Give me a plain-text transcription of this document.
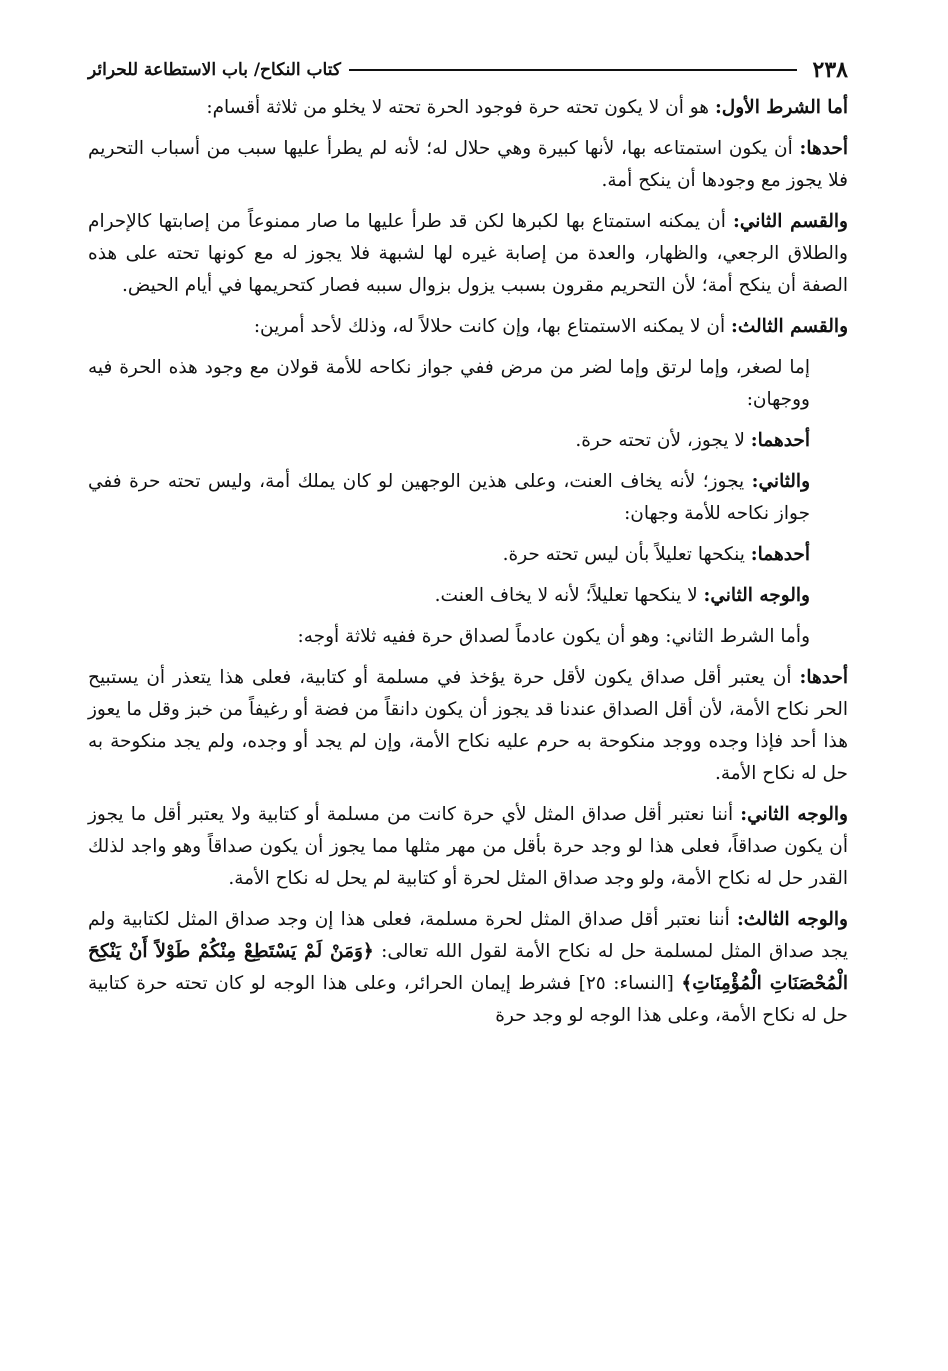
٢٣٨
كتاب النكاح/ باب الاستطاعة للحرائر

أما الشرط الأول: هو أن لا يكون تحته حرة فوجود الحرة تحته لا يخلو من ثلاثة أقسام:

أحدها: أن يكون استمتاعه بها، لأنها كبيرة وهي حلال له؛ لأنه لم يطرأ عليها سبب من أسباب التحريم فلا يجوز مع وجودها أن ينكح أمة.

والقسم الثاني: أن يمكنه استمتاع بها لكبرها لكن قد طرأ عليها ما صار ممنوعاً من إصابتها كالإحرام والطلاق الرجعي، والظهار، والعدة من إصابة غيره لها لشبهة فلا يجوز له مع كونها تحته على هذه الصفة أن ينكح أمة؛ لأن التحريم مقرون بسبب يزول بزوال سببه فصار كتحريمها في أيام الحيض.

والقسم الثالث: أن لا يمكنه الاستمتاع بها، وإن كانت حلالاً له، وذلك لأحد أمرين:

إما لصغر، وإما لرتق وإما لضر من مرض ففي جواز نكاحه للأمة قولان مع وجود هذه الحرة فيه ووجهان:

أحدهما: لا يجوز، لأن تحته حرة.

والثاني: يجوز؛ لأنه يخاف العنت، وعلى هذين الوجهين لو كان يملك أمة، وليس تحته حرة ففي جواز نكاحه للأمة وجهان:

أحدهما: ينكحها تعليلاً بأن ليس تحته حرة.

والوجه الثاني: لا ينكحها تعليلاً؛ لأنه لا يخاف العنت.

وأما الشرط الثاني: وهو أن يكون عادماً لصداق حرة ففيه ثلاثة أوجه:

أحدها: أن يعتبر أقل صداق يكون لأقل حرة يؤخذ في مسلمة أو كتابية، فعلى هذا يتعذر أن يستبيح الحر نكاح الأمة، لأن أقل الصداق عندنا قد يجوز أن يكون دانقاً من فضة أو رغيفاً من خبز وقل ما يعوز هذا أحد فإذا وجده ووجد منكوحة به حرم عليه نكاح الأمة، وإن لم يجد أو وجده، ولم يجد منكوحة به حل له نكاح الأمة.

والوجه الثاني: أننا نعتبر أقل صداق المثل لأي حرة كانت من مسلمة أو كتابية ولا يعتبر أقل ما يجوز أن يكون صداقاً، فعلى هذا لو وجد حرة بأقل من مهر مثلها مما يجوز أن يكون صداقاً وهو واجد لذلك القدر حل له نكاح الأمة، ولو وجد صداق المثل لحرة أو كتابية لم يحل له نكاح الأمة.

والوجه الثالث: أننا نعتبر أقل صداق المثل لحرة مسلمة، فعلى هذا إن وجد صداق المثل لكتابية ولم يجد صداق المثل لمسلمة حل له نكاح الأمة لقول الله تعالى: ﴿وَمَنْ لَمْ يَسْتَطِعْ مِنْكُمْ طَوْلاً أَنْ يَنْكِحَ الْمُحْصَنَاتِ الْمُؤْمِنَاتِ﴾ [النساء: ٢٥] فشرط إيمان الحرائر، وعلى هذا الوجه لو كان تحته حرة كتابية حل له نكاح الأمة، وعلى هذا الوجه لو وجد حرة
